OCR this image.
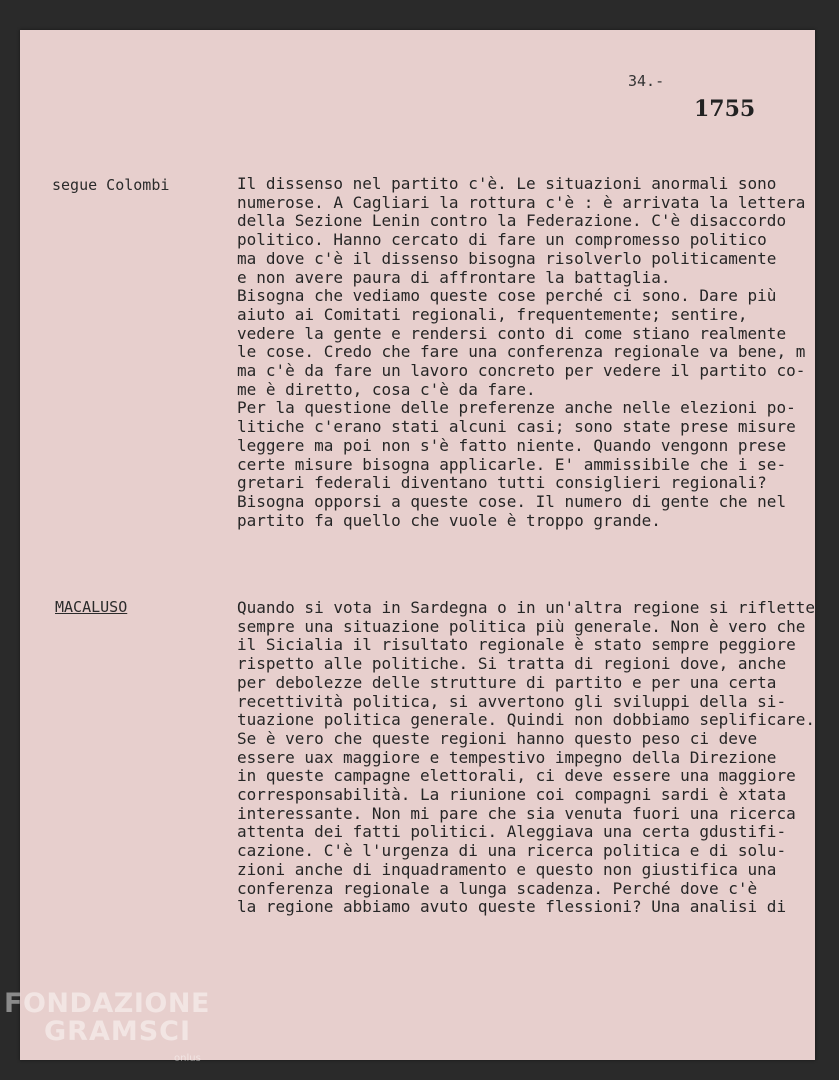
34.-
1755
segue Colombi	Il dissenso nel partito c'è. Le situazioni anormali sono
numerose. A Cagliari la rottura c'è : è arrivata la lettera
della Sezione Lenin contro la Federazione. C'è disaccordo
politico. Hanno cercato di fare un compromesso politico
ma dove c'è il dissenso bisogna risolverlo politicamente
e non avere paura di affrontare la battaglia.
Bisogna che vediamo queste cose perché ci sono. Dare più
aiuto ai Comitati regionali, frequentemente; sentire,
vedere la gente e rendersi conto di come stiano realmente
le cose. Credo che fare una conferenza regionale va bene, m
ma c'è da fare un lavoro concreto per vedere il partito co-
me è diretto, cosa c'è da fare.
Per la questione delle preferenze anche nelle elezioni po-
litiche c'erano stati alcuni casi; sono state prese misure
leggere ma poi non s'è fatto niente. Quando vengonn prese
certe misure bisogna applicarle. E' ammissibile che i se-
gretari federali diventano tutti consiglieri regionali?
Bisogna opporsi a queste cose. Il numero di gente che nel
partito fa quello che vuole è troppo grande.
MACALUSO	Quando si vota in Sardegna o in un'altra regione si riflette
sempre una situazione politica più generale. Non è vero che
il Sicialia il risultato regionale è stato sempre peggiore
rispetto alle politiche. Si tratta di regioni dove, anche
per debolezze delle strutture di partito e per una certa
recettività politica, si avvertono gli sviluppi della si-
tuazione politica generale. Quindi non dobbiamo seplificare.
Se è vero che queste regioni hanno questo peso ci deve
essere uax maggiore e tempestivo impegno della Direzione
in queste campagne elettorali, ci deve essere una maggiore
corresponsabilità. La riunione coi compagni sardi è xtata
interessante. Non mi pare che sia venuta fuori una ricerca
attenta dei fatti politici. Aleggiava una certa gdustifi-
cazione. C'è l'urgenza di una ricerca politica e di solu-
zioni anche di inquadramento e questo non giustifica una
conferenza regionale a lunga scadenza. Perché dove c'è
la regione abbiamo avuto queste flessioni? Una analisi di
FONDAZIONE
GRAMSCI
onlus
